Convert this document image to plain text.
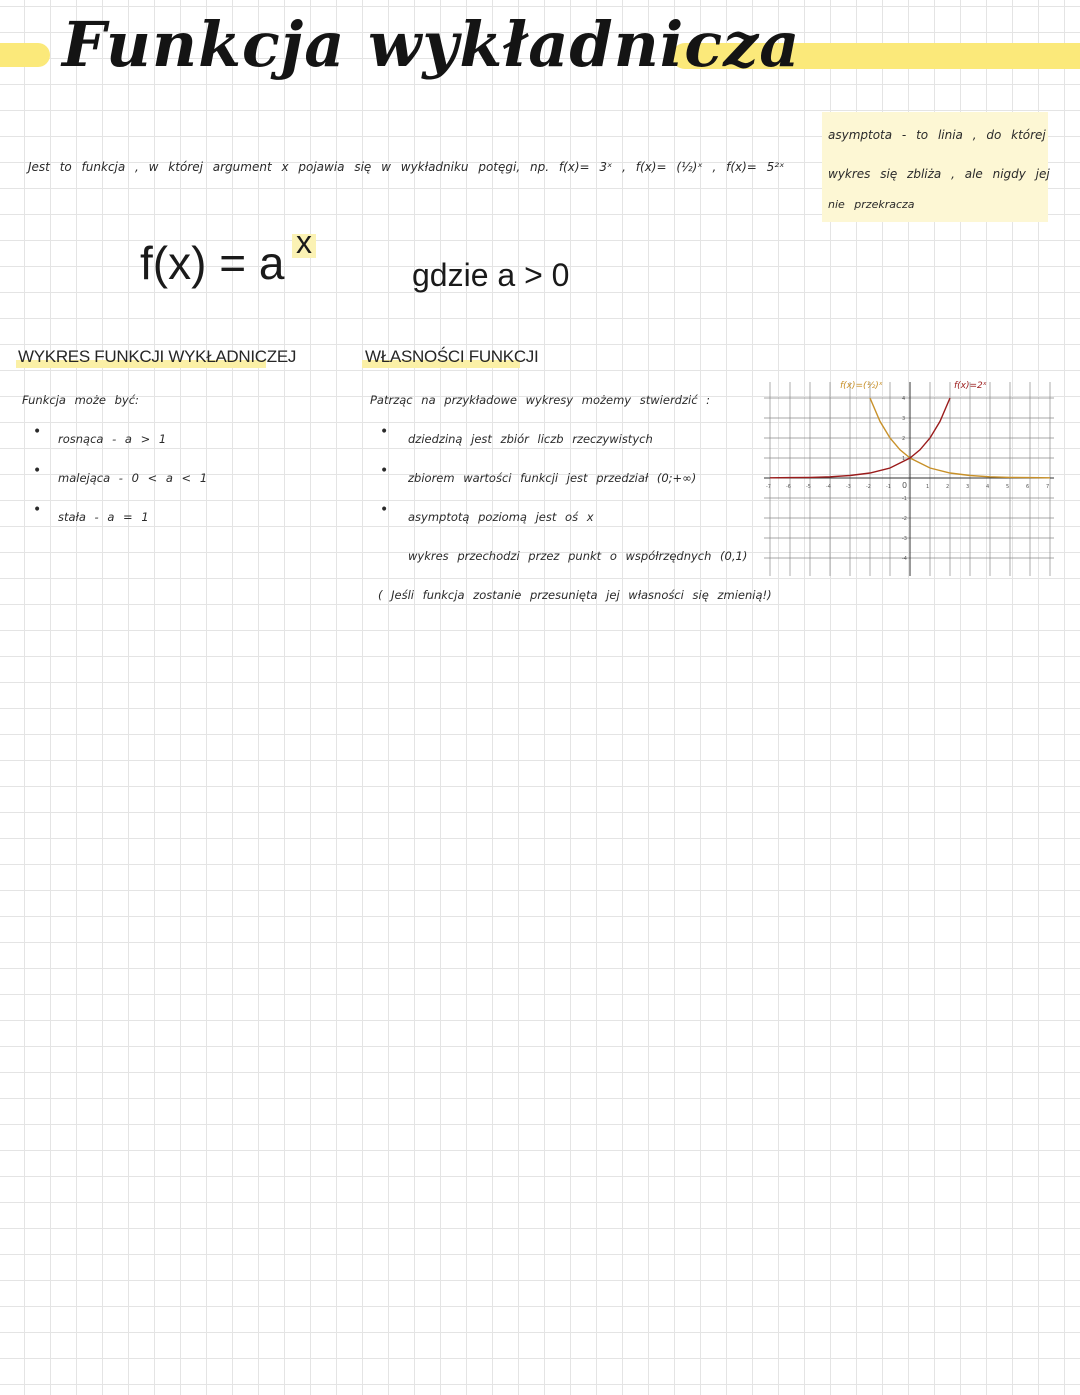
Funkcja wykładnicza
Jest to funkcja , w której argument x pojawia się w wykładniku potęgi, np. f(x)= 3ˣ , f(x)= (½)ˣ , f(x)= 5²ˣ
asymptota - to linia , do której
wykres się zbliża , ale nigdy jej
nie przekracza
f(x) = a x
gdzie a > 0
WYKRES FUNKCJI WYKŁADNICZEJ
Funkcja może być:
• rosnąca - a > 1
• malejąca - 0 < a < 1
• stała - a = 1
WŁASNOŚCI FUNKCJI
Patrząc na przykładowe wykresy możemy stwierdzić :
• dziedziną jest zbiór liczb rzeczywistych
• zbiorem wartości funkcji jest przedział (0;+∞)
• asymptotą poziomą jest oś x
wykres przechodzi przez punkt o współrzędnych (0,1)
( Jeśli funkcja zostanie przesunięta jej własności się zmienią!)
-7	-6	-5	-4	-3	-2	-1 0	1	2	3	4	5	6	7
4
3
2
1
-1
-2
-3
-4
f(x)=(½)ˣ	f(x)=2ˣ
